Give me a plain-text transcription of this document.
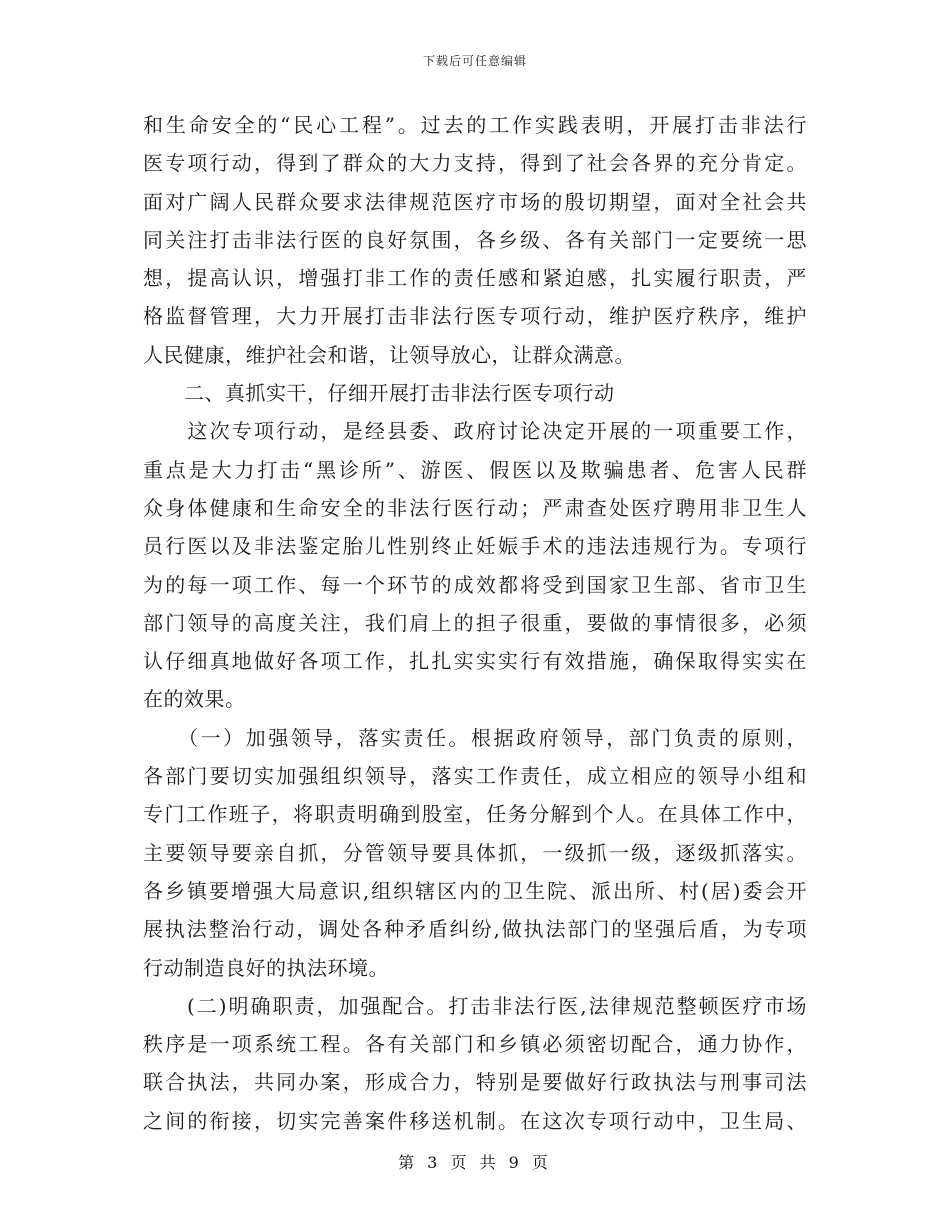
下载后可任意编辑
和生命安全的“民心工程”。过去的工作实践表明，开展打击非法行
医专项行动，得到了群众的大力支持，得到了社会各界的充分肯定。
面对广阔人民群众要求法律规范医疗市场的殷切期望，面对全社会共
同关注打击非法行医的良好氛围，各乡级、各有关部门一定要统一思
想，提高认识，增强打非工作的责任感和紧迫感，扎实履行职责，严
格监督管理，大力开展打击非法行医专项行动，维护医疗秩序，维护
人民健康，维护社会和谐，让领导放心，让群众满意。
　　二、真抓实干，仔细开展打击非法行医专项行动
　　这次专项行动，是经县委、政府讨论决定开展的一项重要工作，
重点是大力打击“黑诊所”、游医、假医以及欺骗患者、危害人民群
众身体健康和生命安全的非法行医行动；严肃查处医疗聘用非卫生人
员行医以及非法鉴定胎儿性别终止妊娠手术的违法违规行为。专项行
为的每一项工作、每一个环节的成效都将受到国家卫生部、省市卫生
部门领导的高度关注，我们肩上的担子很重，要做的事情很多，必须
认仔细真地做好各项工作，扎扎实实实行有效措施，确保取得实实在
在的效果。
　　（一）加强领导，落实责任。根据政府领导，部门负责的原则，
各部门要切实加强组织领导，落实工作责任，成立相应的领导小组和
专门工作班子，将职责明确到股室，任务分解到个人。在具体工作中，
主要领导要亲自抓，分管领导要具体抓，一级抓一级，逐级抓落实。
各乡镇要增强大局意识,组织辖区内的卫生院、派出所、村(居)委会开
展执法整治行动，调处各种矛盾纠纷,做执法部门的坚强后盾，为专项
行动制造良好的执法环境。
　　(二)明确职责，加强配合。打击非法行医,法律规范整顿医疗市场
秩序是一项系统工程。各有关部门和乡镇必须密切配合，通力协作，
联合执法，共同办案，形成合力，特别是要做好行政执法与刑事司法
之间的衔接，切实完善案件移送机制。在这次专项行动中，卫生局、
第 3 页 共 9 页
